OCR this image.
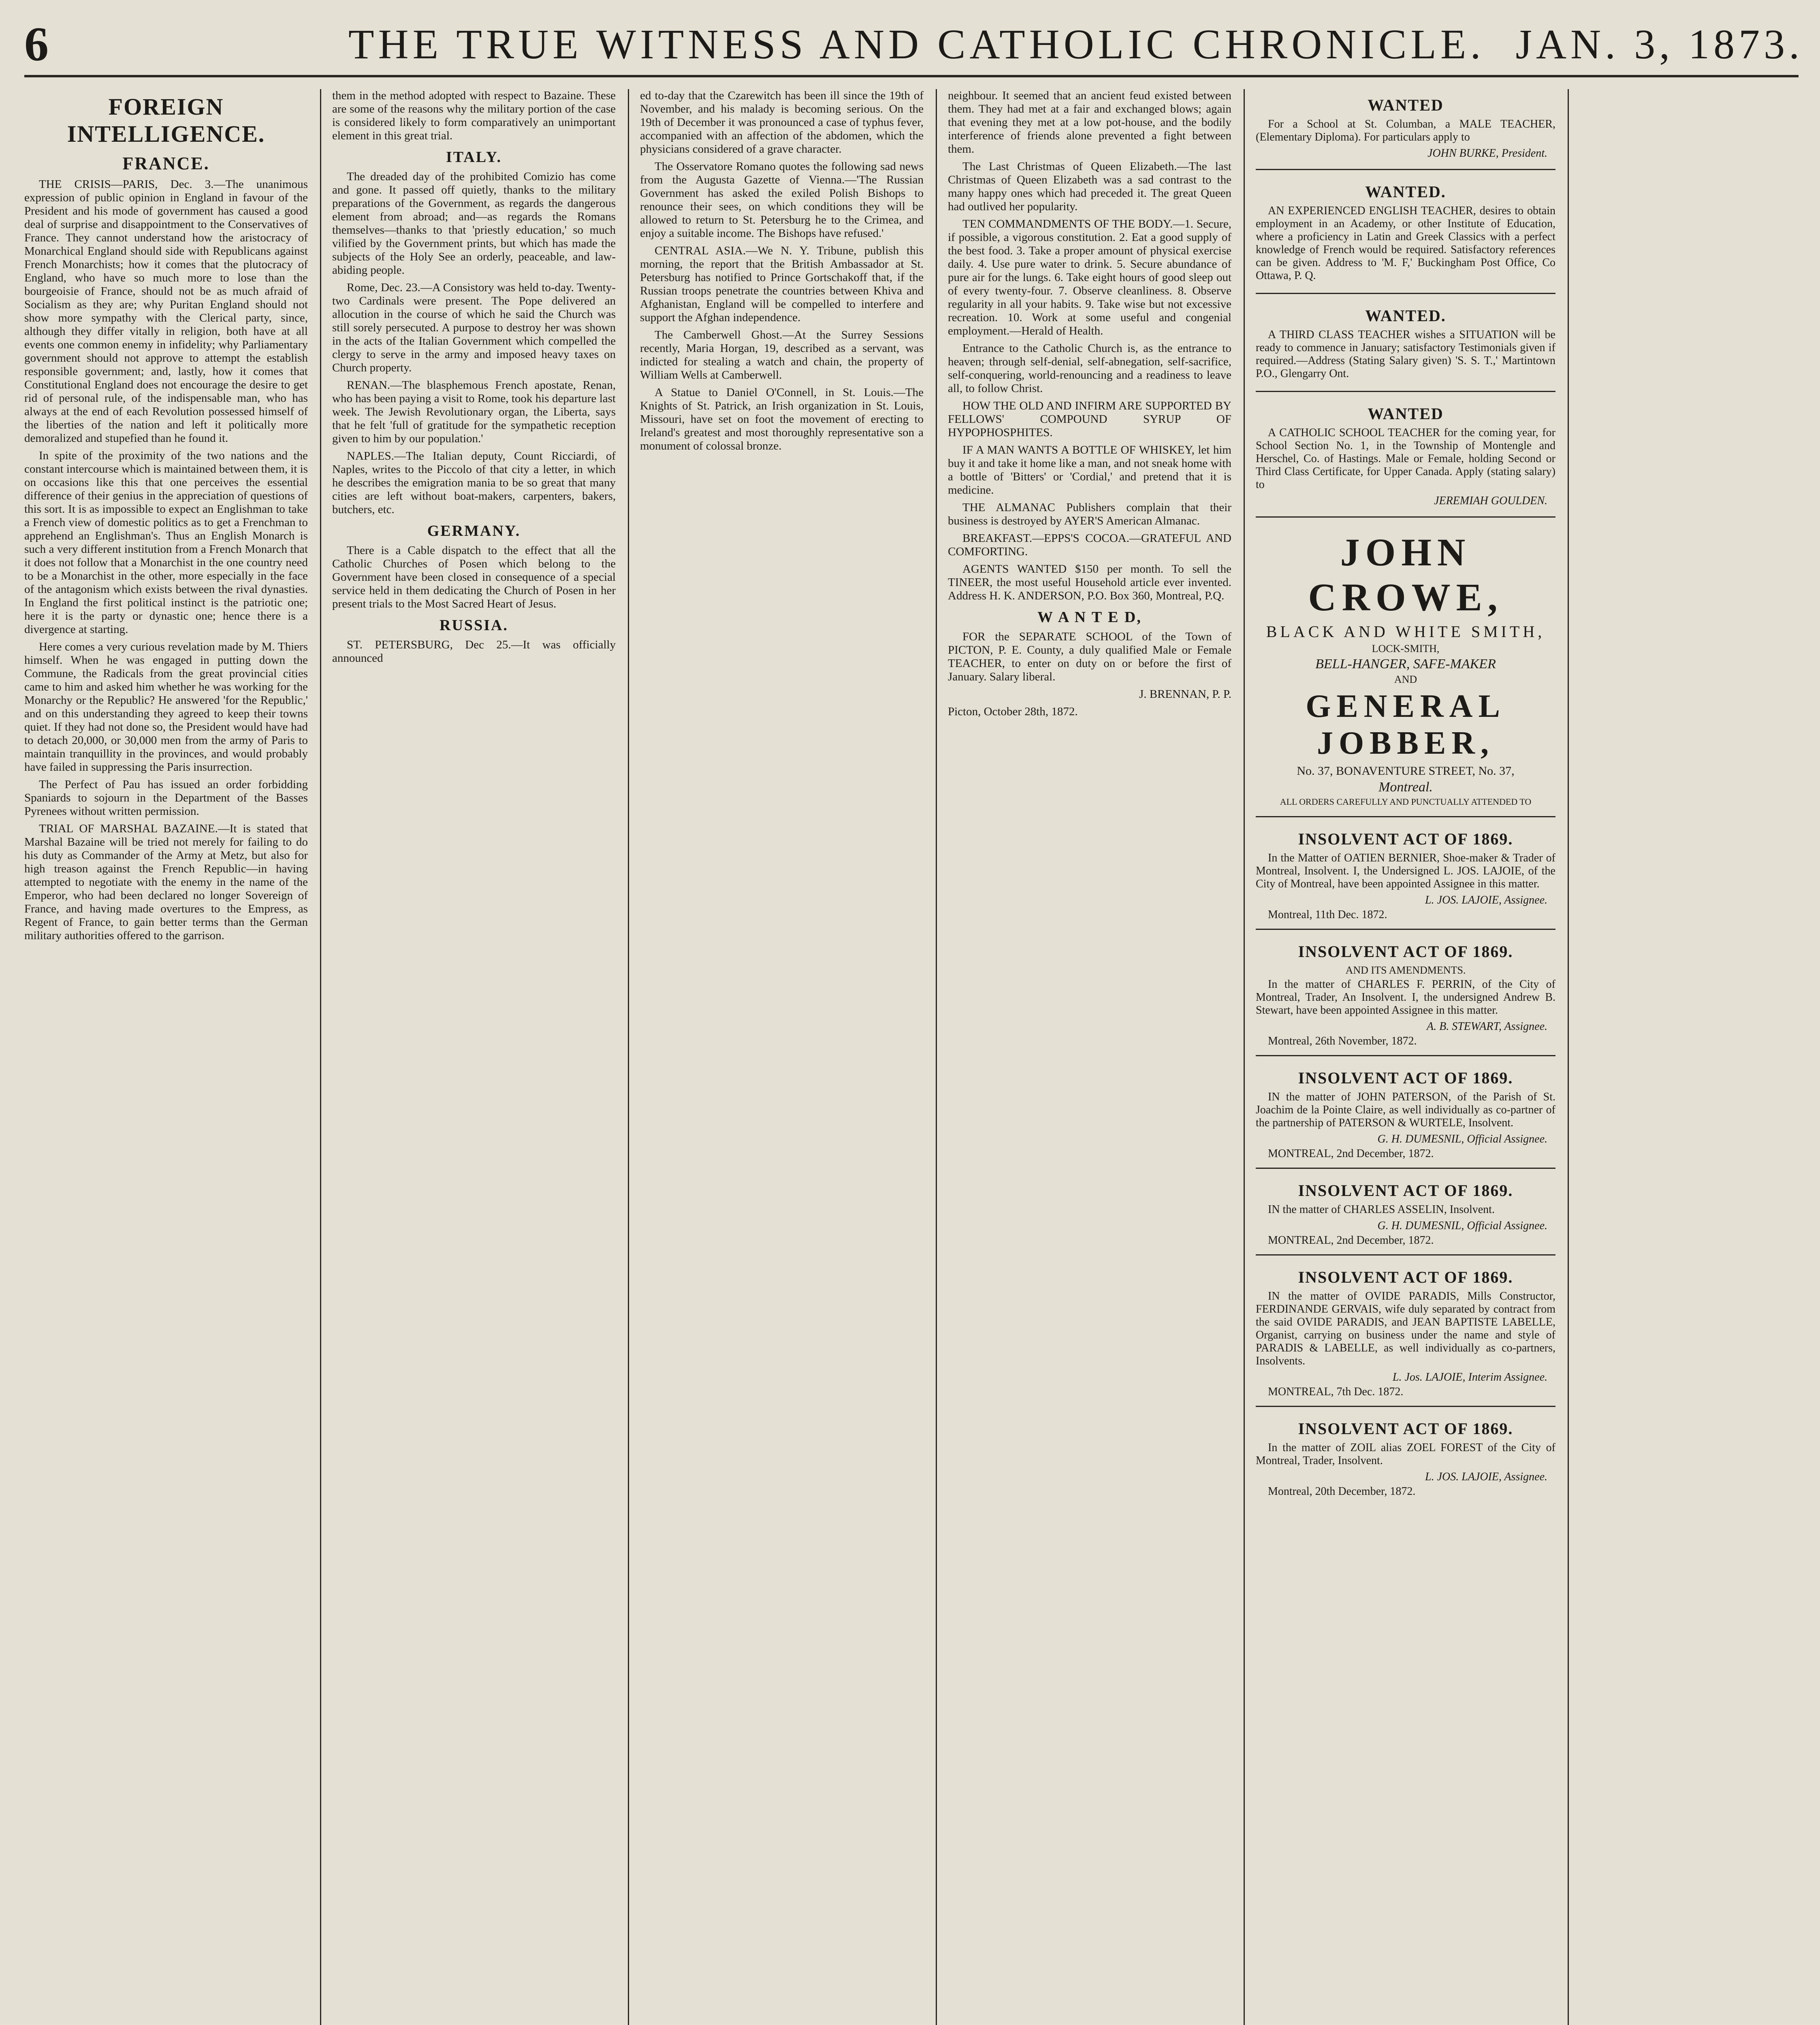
6	THE TRUE WITNESS AND CATHOLIC CHRONICLE. JAN. 3, 1873.
FOREIGN INTELLIGENCE.
FRANCE.

THE CRISIS—PARIS, Dec. 3.—The unanimous expression of public opinion in England in favour of the President and his mode of government has caused a good deal of surprise and disappointment to the Conservatives of France. They cannot understand how the aristocracy of Monarchical England should side with Republicans against French Monarchists; how it comes that the plutocracy of England, who have so much more to lose than the bourgeoisie of France, should not be as much afraid of Socialism as they are; why Puritan England should not show more sympathy with the Clerical party, since, although they differ vitally in religion, both have at all events one common enemy in infidelity; why Parliamentary government should not approve to attempt the establish responsible government; and, lastly, how it comes that Constitutional England does not encourage the desire to get rid of personal rule, of the indispensable man, who has always at the end of each Revolution possessed himself of the liberties of the nation and left it politically more demoralized and stupefied than he found it.

In spite of the proximity of the two nations and the constant intercourse which is maintained between them, it is on occasions like this that one perceives the essential difference of their genius in the appreciation of questions of this sort. It is as impossible to expect an Englishman to take a French view of domestic politics as to get a Frenchman to apprehend an Englishman's. Thus an English Monarch is such a very different institution from a French Monarch that it does not follow that a Monarchist in the one country need to be a Monarchist in the other, more especially in the face of the antagonism which exists between the rival dynasties. In England the first political instinct is the patriotic one; here it is the party or dynastic one; hence there is a divergence at starting.

Here comes a very curious revelation made by M. Thiers himself. When he was engaged in putting down the Commune, the Radicals from the great provincial cities came to him and asked him whether he was working for the Monarchy or the Republic? He answered 'for the Republic,' and on this understanding they agreed to keep their towns quiet. If they had not done so, the President would have had to detach 20,000, or 30,000 men from the army of Paris to maintain tranquillity in the provinces, and would probably have failed in suppressing the Paris insurrection.

The Perfect of Pau has issued an order forbidding Spaniards to sojourn in the Department of the Basses Pyrenees without written permission.

TRIAL OF MARSHAL BAZAINE.—It is stated that Marshal Bazaine will be tried not merely for failing to do his duty as Commander of the Army at Metz, but also for high treason against the French Republic—in having attempted to negotiate with the enemy in the name of the Emperor, who had been declared no longer Sovereign of France, and having made overtures to the Empress, as Regent of France, to gain better terms than the German military authorities offered to the garrison.

them in the method adopted with respect to Bazaine. These are some of the reasons why the military portion of the case is considered likely to form comparatively an unimportant element in this great trial.

ITALY.

The dreaded day of the prohibited Comizio has come and gone. It passed off quietly, thanks to the military preparations of the Government, as regards the dangerous element from abroad; and—as regards the Romans themselves—thanks to that 'priestly education,' so much vilified by the Government prints, but which has made the subjects of the Holy See an orderly, peaceable, and law-abiding people.

Rome, Dec. 23.—A Consistory was held to-day. Twenty-two Cardinals were present. The Pope delivered an allocution in the course of which he said the Church was still sorely persecuted. A purpose to destroy her was shown in the acts of the Italian Government which compelled the clergy to serve in the army and imposed heavy taxes on Church property.

RENAN.—The blasphemous French apostate, Renan, who has been paying a visit to Rome, took his departure last week. The Jewish Revolutionary organ, the Liberta, says that he felt 'full of gratitude for the sympathetic reception given to him by our population.'

NAPLES.—The Italian deputy, Count Ricciardi, of Naples, writes to the Piccolo of that city a letter, in which he describes the emigration mania to be so great that many cities are left without boat-makers, carpenters, bakers, butchers, etc.

GERMANY.

There is a Cable dispatch to the effect that all the Catholic Churches of Posen which belong to the Government have been closed in consequence of a special service held in them dedicating the Church of Posen in her present trials to the Most Sacred Heart of Jesus.

RUSSIA.

ST. PETERSBURG, Dec 25.—It was officially announced

ed to-day that the Czarewitch has been ill since the 19th of November, and his malady is becoming serious. On the 19th of December it was pronounced a case of typhus fever, accompanied with an affection of the abdomen, which the physicians considered of a grave character.

The Osservatore Romano quotes the following sad news from the Augusta Gazette of Vienna.—'The Russian Government has asked the exiled Polish Bishops to renounce their sees, on which conditions they will be allowed to return to St. Petersburg he to the Crimea, and enjoy a suitable income. The Bishops have refused.'

CENTRAL ASIA.—We N. Y. Tribune, publish this morning, the report that the British Ambassador at St. Petersburg has notified to Prince Gortschakoff that, if the Russian troops penetrate the countries between Khiva and Afghanistan, England will be compelled to interfere and support the Afghan independence.

The Camberwell Ghost.—At the Surrey Sessions recently, Maria Horgan, 19, described as a servant, was indicted for stealing a watch and chain, the property of William Wells at Camberwell.

A Statue to Daniel O'Connell, in St. Louis.—The Knights of St. Patrick, an Irish organization in St. Louis, Missouri, have set on foot the movement of erecting to Ireland's greatest and most thoroughly representative son a monument of colossal bronze.

neighbour. It seemed that an ancient feud existed between them. They had met at a fair and exchanged blows; again that evening they met at a low pot-house, and the bodily interference of friends alone prevented a fight between them.

The Last Christmas of Queen Elizabeth.—The last Christmas of Queen Elizabeth was a sad contrast to the many happy ones which had preceded it. The great Queen had outlived her popularity.

TEN COMMANDMENTS OF THE BODY.—1. Secure, if possible, a vigorous constitution. 2. Eat a good supply of the best food. 3. Take a proper amount of physical exercise daily. 4. Use pure water to drink. 5. Secure abundance of pure air for the lungs. 6. Take eight hours of good sleep out of every twenty-four. 7. Observe cleanliness. 8. Observe regularity in all your habits. 9. Take wise but not excessive recreation. 10. Work at some useful and congenial employment.—Herald of Health.

Entrance to the Catholic Church is, as the entrance to heaven; through self-denial, self-abnegation, self-sacrifice, self-conquering, world-renouncing and a readiness to leave all, to follow Christ.

HOW THE OLD AND INFIRM ARE SUPPORTED BY FELLOWS' COMPOUND SYRUP OF HYPOPHOSPHITES.

IF A MAN WANTS A BOTTLE OF WHISKEY, let him buy it and take it home like a man, and not sneak home with a bottle of 'Bitters' or 'Cordial,' and pretend that it is medicine.

THE ALMANAC Publishers complain that their business is destroyed by AYER'S American Almanac.

BREAKFAST.—EPPS'S COCOA.—GRATEFUL AND COMFORTING.

AGENTS WANTED $150 per month. To sell the TINEER, the most useful Household article ever invented. Address H. K. ANDERSON, P.O. Box 360, Montreal, P.Q.

W A N T E D,

FOR the SEPARATE SCHOOL of the Town of PICTON, P. E. County, a duly qualified Male or Female TEACHER, to enter on duty on or before the first of January. Salary liberal.

J. BRENNAN, P. P.

Picton, October 28th, 1872.

WANTED
For a School at St. Columban, a MALE TEACHER, (Elementary Diploma). For particulars apply to
JOHN BURKE, President.
WANTED.
AN EXPERIENCED ENGLISH TEACHER, desires to obtain employment in an Academy, or other Institute of Education, where a proficiency in Latin and Greek Classics with a perfect knowledge of French would be required. Satisfactory references can be given. Address to 'M. F,' Buckingham Post Office, Co Ottawa, P. Q.
WANTED.
A THIRD CLASS TEACHER wishes a SITUATION will be ready to commence in January; satisfactory Testimonials given if required.—Address (Stating Salary given) 'S. S. T.,' Martintown P.O., Glengarry Ont.
WANTED
A CATHOLIC SCHOOL TEACHER for the coming year, for School Section No. 1, in the Township of Montengle and Herschel, Co. of Hastings. Male or Female, holding Second or Third Class Certificate, for Upper Canada. Apply (stating salary) to
JEREMIAH GOULDEN.
JOHN CROWE,
BLACK AND WHITE SMITH,
LOCK-SMITH,
BELL-HANGER, SAFE-MAKER
AND
GENERAL JOBBER,
No. 37, BONAVENTURE STREET, No. 37,
Montreal.
ALL ORDERS CAREFULLY AND PUNCTUALLY ATTENDED TO
INSOLVENT ACT OF 1869.
In the Matter of OATIEN BERNIER, Shoe-maker & Trader of Montreal, Insolvent. I, the Undersigned L. JOS. LAJOIE, of the City of Montreal, have been appointed Assignee in this matter.
L. JOS. LAJOIE, Assignee.
Montreal, 11th Dec. 1872.
INSOLVENT ACT OF 1869.
AND ITS AMENDMENTS.
In the matter of CHARLES F. PERRIN, of the City of Montreal, Trader, An Insolvent. I, the undersigned Andrew B. Stewart, have been appointed Assignee in this matter.
A. B. STEWART, Assignee.
Montreal, 26th November, 1872.
INSOLVENT ACT OF 1869.
IN the matter of JOHN PATERSON, of the Parish of St. Joachim de la Pointe Claire, as well individually as co-partner of the partnership of PATERSON & WURTELE, Insolvent.
G. H. DUMESNIL, Official Assignee.
MONTREAL, 2nd December, 1872.
INSOLVENT ACT OF 1869.
IN the matter of CHARLES ASSELIN, Insolvent.
G. H. DUMESNIL, Official Assignee.
MONTREAL, 2nd December, 1872.
INSOLVENT ACT OF 1869.
IN the matter of OVIDE PARADIS, Mills Constructor, FERDINANDE GERVAIS, wife duly separated by contract from the said OVIDE PARADIS, and JEAN BAPTISTE LABELLE, Organist, carrying on business under the name and style of PARADIS & LABELLE, as well individually as co-partners, Insolvents.
L. Jos. LAJOIE, Interim Assignee.
MONTREAL, 7th Dec. 1872.
INSOLVENT ACT OF 1869.
In the matter of ZOIL alias ZOEL FOREST of the City of Montreal, Trader, Insolvent.
L. JOS. LAJOIE, Assignee.
Montreal, 20th December, 1872.
